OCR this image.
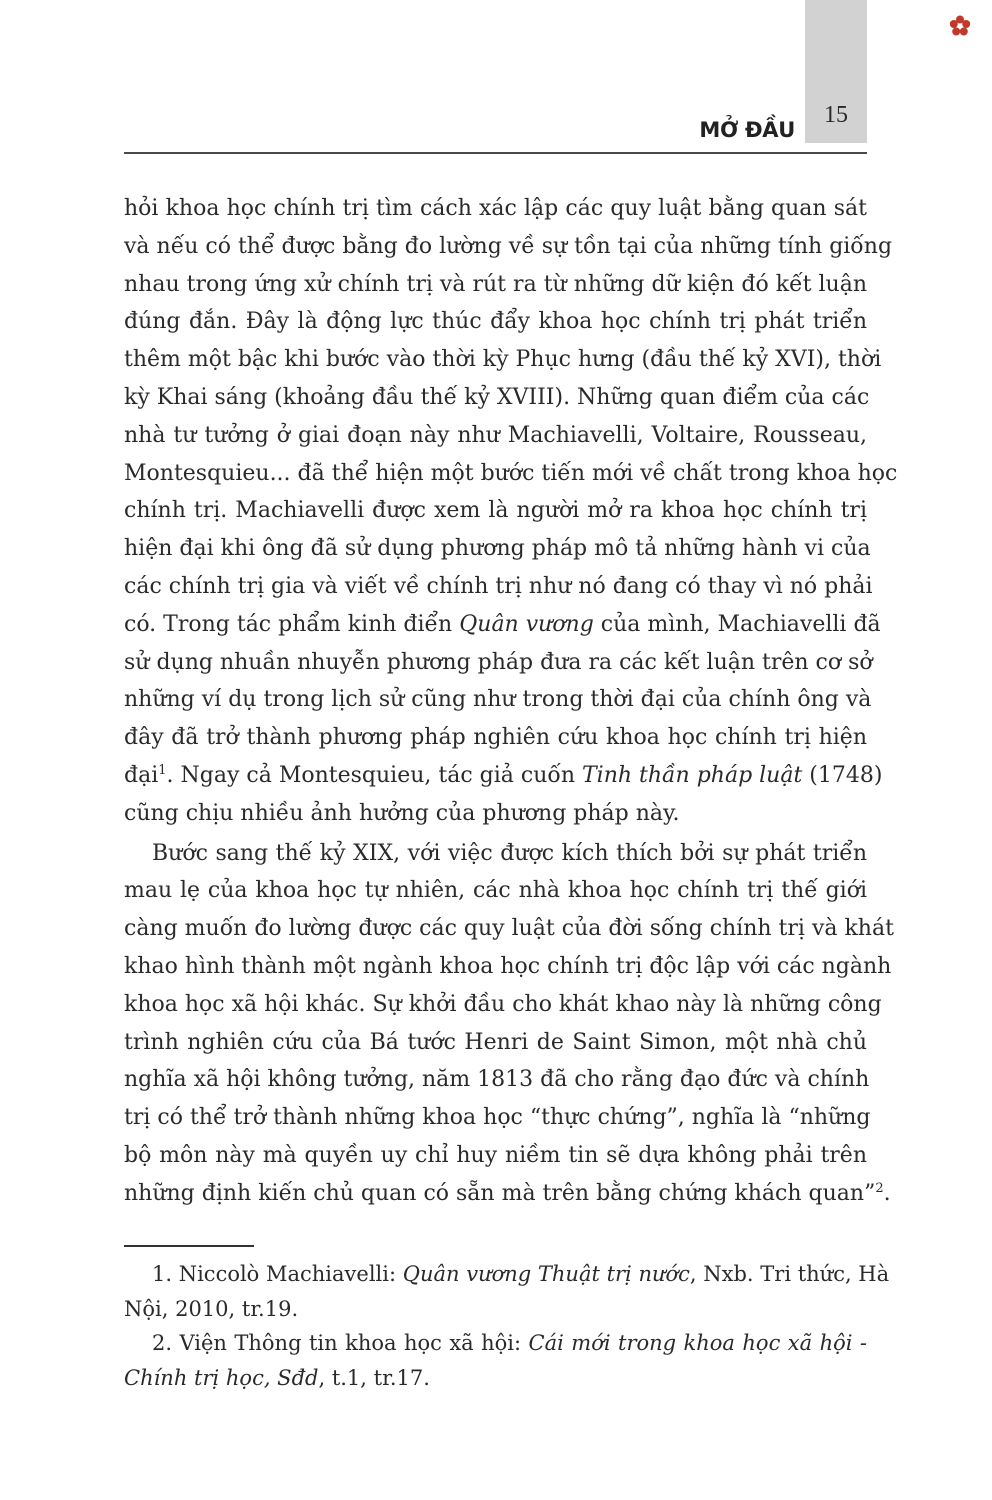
15
MỞ ĐẦU
hỏi khoa học chính trị tìm cách xác lập các quy luật bằng quan sát
và nếu có thể được bằng đo lường về sự tồn tại của những tính giống
nhau trong ứng xử chính trị và rút ra từ những dữ kiện đó kết luận
đúng đắn. Đây là động lực thúc đẩy khoa học chính trị phát triển
thêm một bậc khi bước vào thời kỳ Phục hưng (đầu thế kỷ XVI), thời
kỳ Khai sáng (khoảng đầu thế kỷ XVIII). Những quan điểm của các
nhà tư tưởng ở giai đoạn này như Machiavelli, Voltaire, Rousseau,
Montesquieu... đã thể hiện một bước tiến mới về chất trong khoa học
chính trị. Machiavelli được xem là người mở ra khoa học chính trị
hiện đại khi ông đã sử dụng phương pháp mô tả những hành vi của
các chính trị gia và viết về chính trị như nó đang có thay vì nó phải
có. Trong tác phẩm kinh điển Quân vương của mình, Machiavelli đã
sử dụng nhuần nhuyễn phương pháp đưa ra các kết luận trên cơ sở
những ví dụ trong lịch sử cũng như trong thời đại của chính ông và
đây đã trở thành phương pháp nghiên cứu khoa học chính trị hiện
đại$^1$. Ngay cả Montesquieu, tác giả cuốn Tinh thần pháp luật (1748)
cũng chịu nhiều ảnh hưởng của phương pháp này.
Bước sang thế kỷ XIX, với việc được kích thích bởi sự phát triển
mau lẹ của khoa học tự nhiên, các nhà khoa học chính trị thế giới
càng muốn đo lường được các quy luật của đời sống chính trị và khát
khao hình thành một ngành khoa học chính trị độc lập với các ngành
khoa học xã hội khác. Sự khởi đầu cho khát khao này là những công
trình nghiên cứu của Bá tước Henri de Saint Simon, một nhà chủ
nghĩa xã hội không tưởng, năm 1813 đã cho rằng đạo đức và chính
trị có thể trở thành những khoa học “thực chứng”, nghĩa là “những
bộ môn này mà quyền uy chỉ huy niềm tin sẽ dựa không phải trên
những định kiến chủ quan có sẵn mà trên bằng chứng khách quan”$^2$.
1. Niccolò Machiavelli: Quân vương Thuật trị nước, Nxb. Tri thức, Hà
Nội, 2010, tr.19.
2. Viện Thông tin khoa học xã hội: Cái mới trong khoa học xã hội -
Chính trị học, Sđd, t.1, tr.17.
